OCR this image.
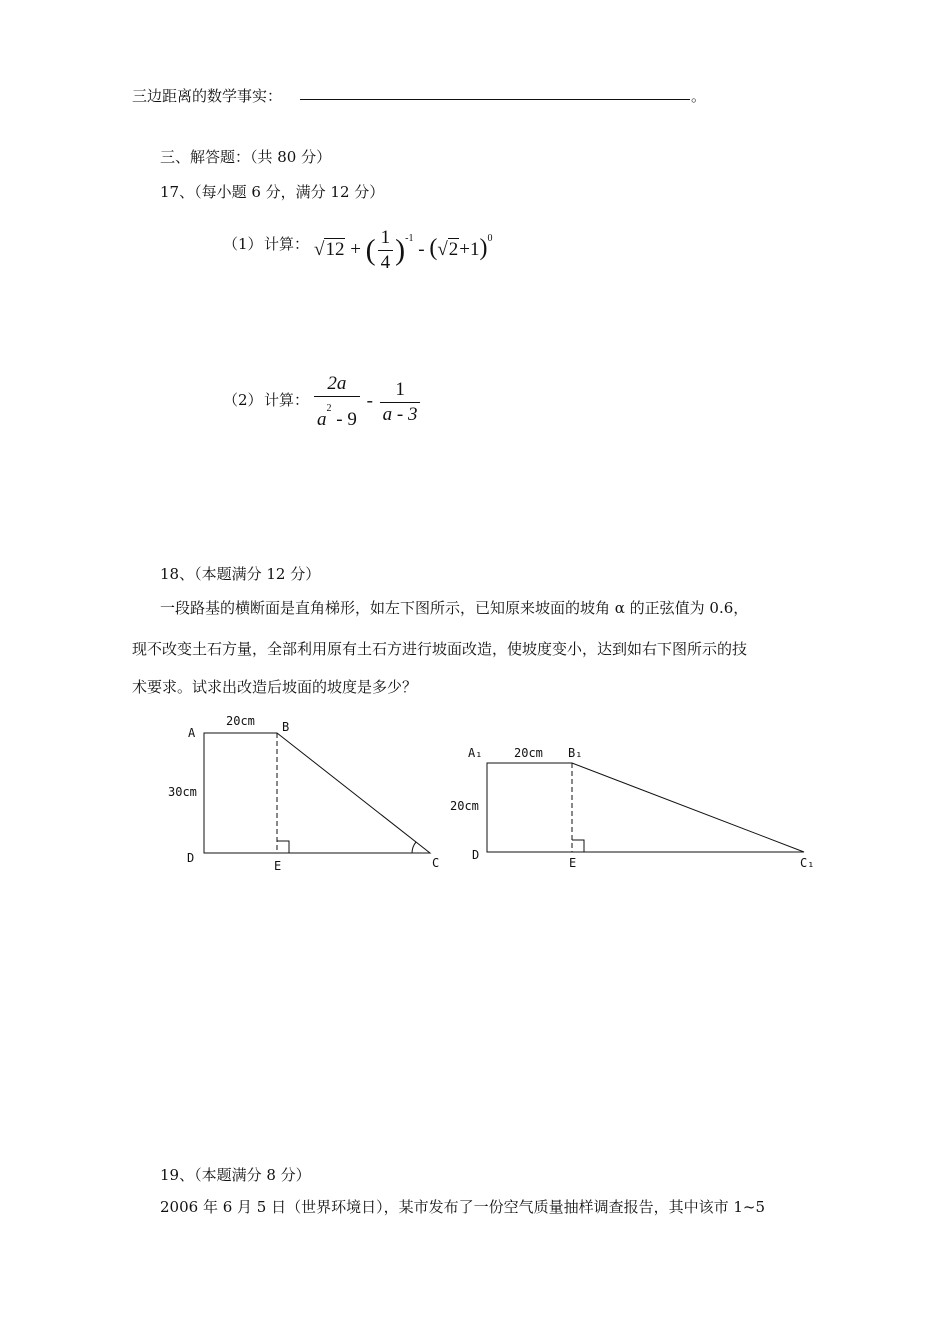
三边距离的数学事实：	。
三、解答题：（共 80 分）
17、（每小题 6 分，满分 12 分）
（1） 计算： √12 + ( $\frac{1}{4} )^{-1} - (√2+1)^0$
（2） 计算： $\frac{2a}{a^2 - 9} - \frac{1}{a - 3}$
18、（本题满分 12 分）
一段路基的横断面是直角梯形，如左下图所示，已知原来坡面的坡角 α 的正弦值为 0.6，
现不改变土石方量，全部利用原有土石方进行坡面改造，使坡度变小，达到如右下图所示的技
术要求。试求出改造后坡面的坡度是多少？
A	B
C
D
E
20cm
30cm
A₁	B₁
C₁
D
E
20cm
20cm
19、（本题满分 8 分）
2006 年 6 月 5 日（世界环境日），某市发布了一份空气质量抽样调查报告，其中该市 1~5
